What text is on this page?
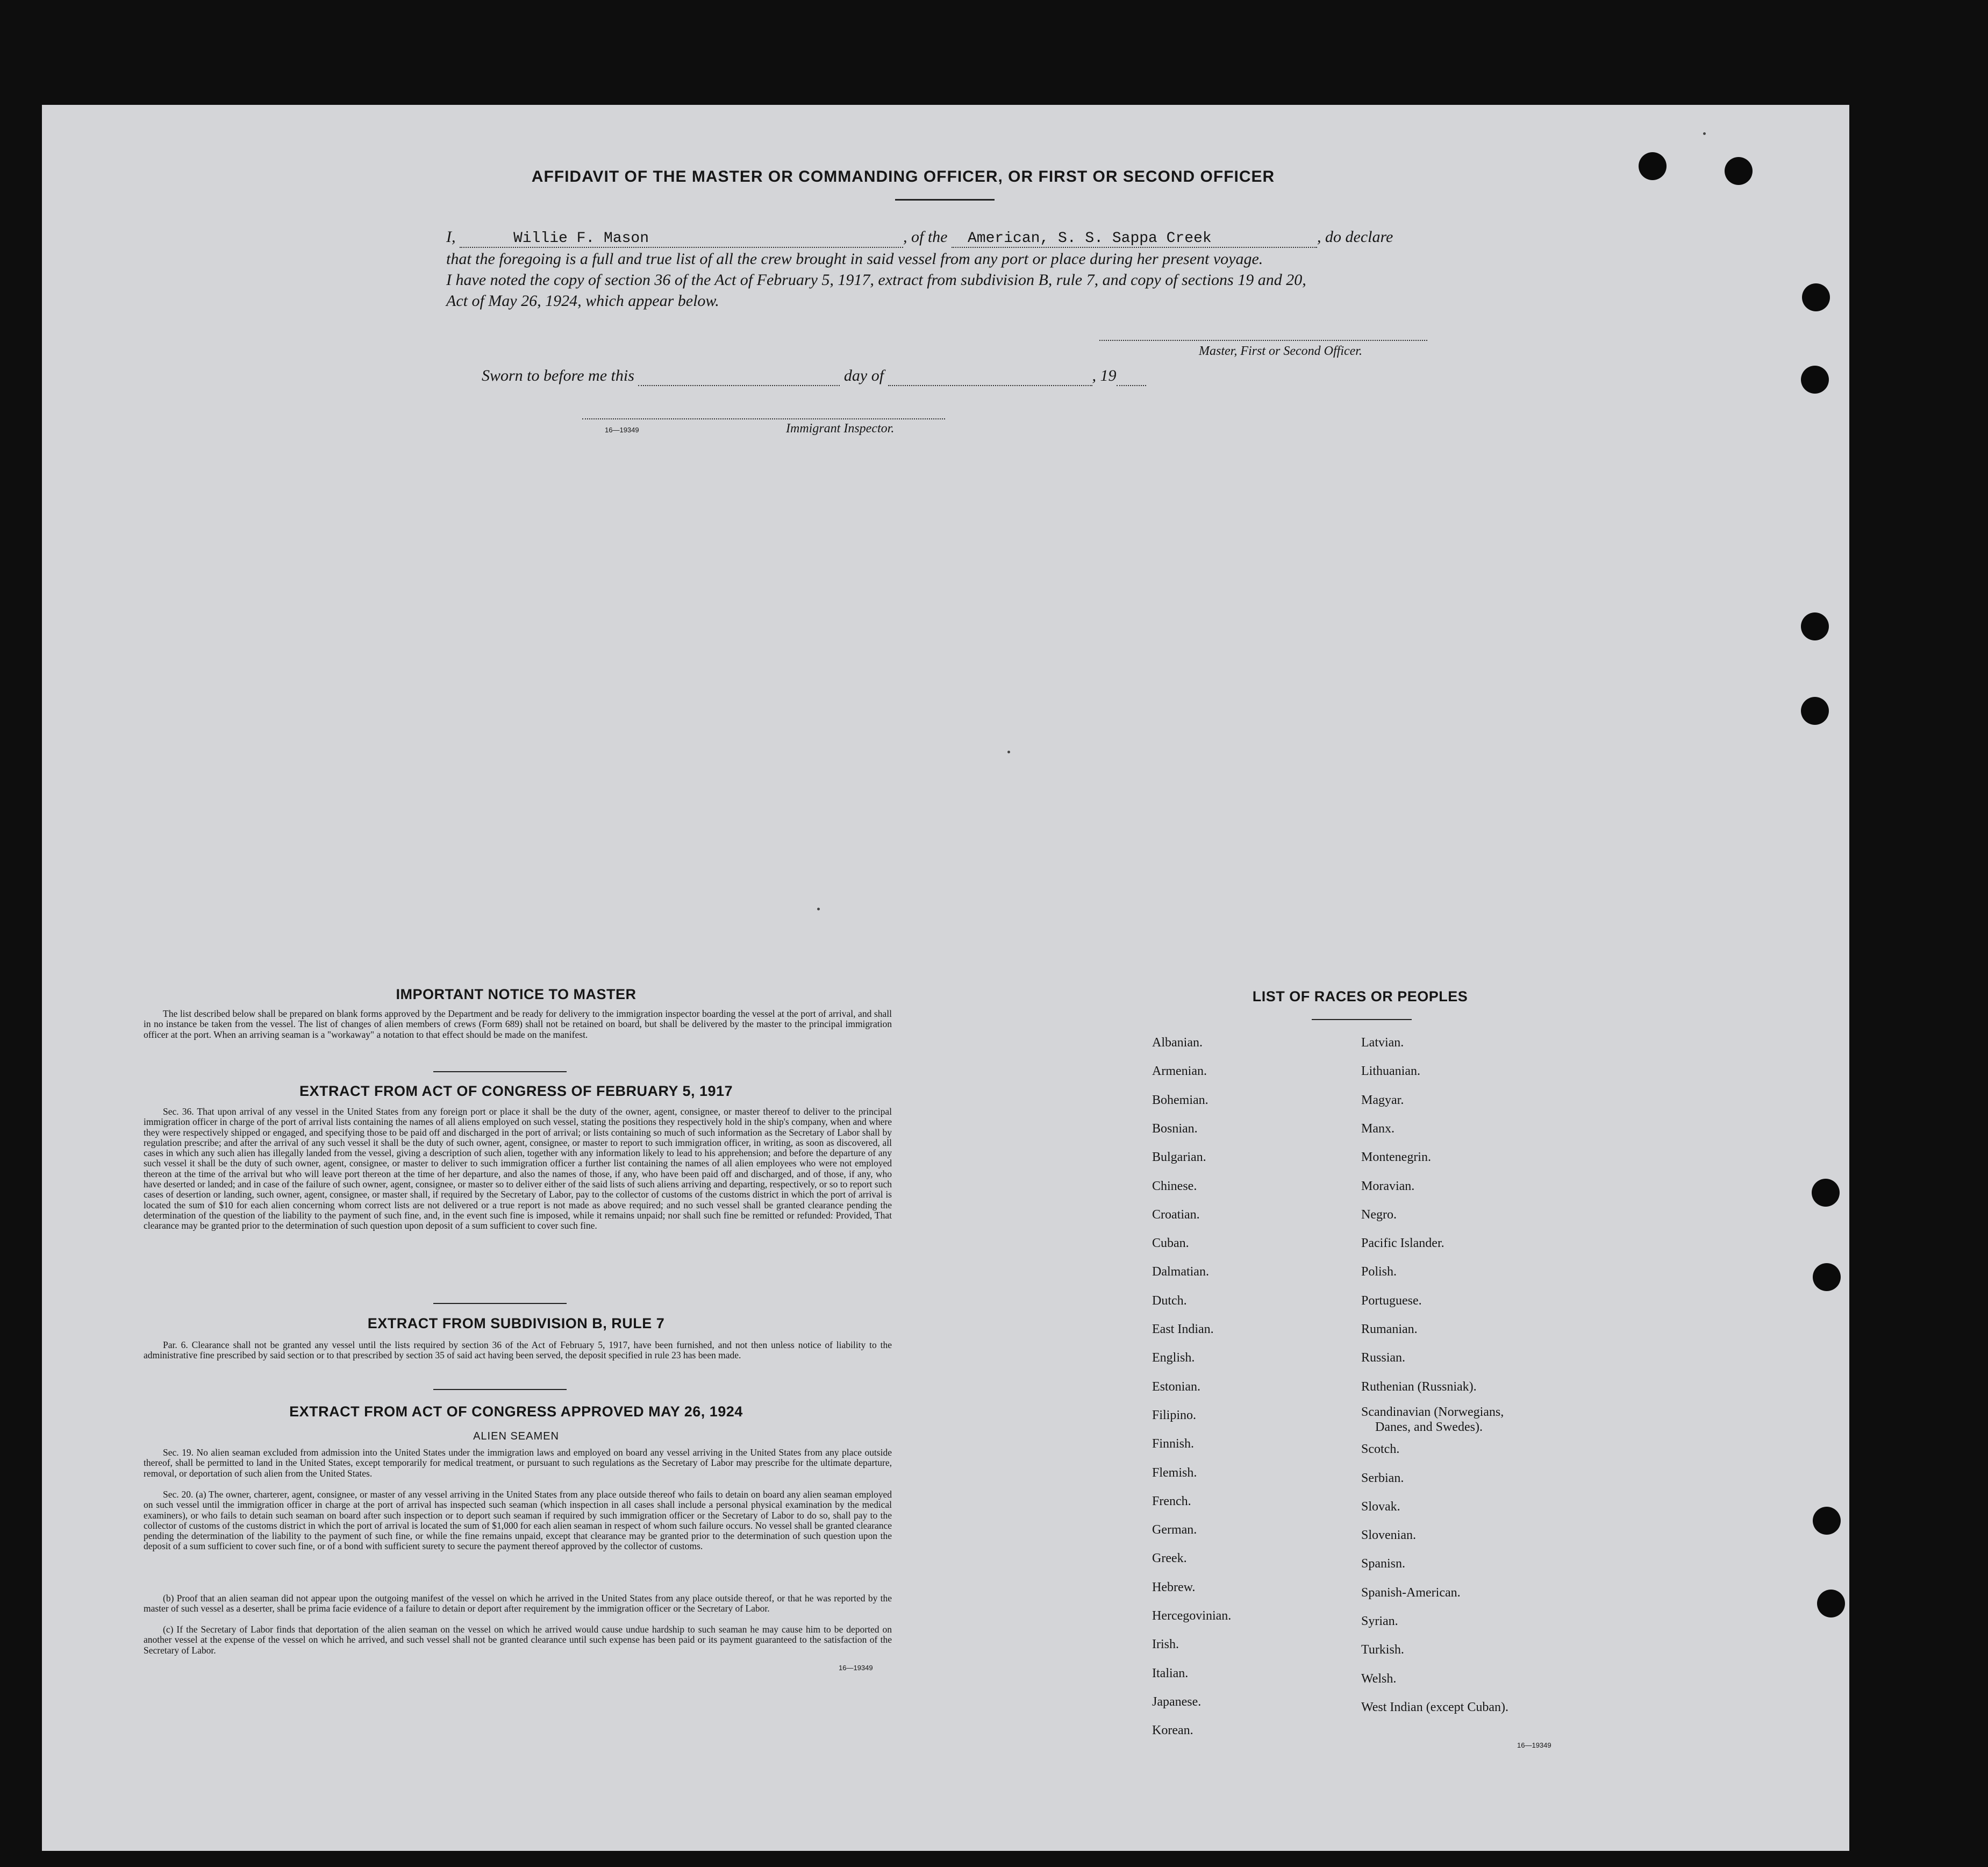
AFFIDAVIT OF THE MASTER OR COMMANDING OFFICER, OR FIRST OR SECOND OFFICER
I,	Willie F. Mason	, of the American, S. S. Sappa Creek	, do declare
that the foregoing is a full and true list of all the crew brought in said vessel from any port or place during her present voyage.
I have noted the copy of section 36 of the Act of February 5, 1917, extract from subdivision B, rule 7, and copy of sections 19 and 20,
Act of May 26, 1924, which appear below.
Master, First or Second Officer.
Sworn to before me this	day of	, 19
16—19349	Immigrant Inspector.
IMPORTANT NOTICE TO MASTER
The list described below shall be prepared on blank forms approved by the Department and be ready for delivery to the immigration inspector boarding the vessel at the port of arrival, and shall in no instance be taken from the vessel. The list of changes of alien members of crews (Form 689) shall not be retained on board, but shall be delivered by the master to the principal immigration officer at the port. When an arriving seaman is a "workaway" a notation to that effect should be made on the manifest.
EXTRACT FROM ACT OF CONGRESS OF FEBRUARY 5, 1917
Sec. 36. That upon arrival of any vessel in the United States from any foreign port or place it shall be the duty of the owner, agent, consignee, or master thereof to deliver to the principal immigration officer in charge of the port of arrival lists containing the names of all aliens employed on such vessel, stating the positions they respectively hold in the ship's company, when and where they were respectively shipped or engaged, and specifying those to be paid off and discharged in the port of arrival; or lists containing so much of such information as the Secretary of Labor shall by regulation prescribe; and after the arrival of any such vessel it shall be the duty of such owner, agent, consignee, or master to report to such immigration officer, in writing, as soon as discovered, all cases in which any such alien has illegally landed from the vessel, giving a description of such alien, together with any information likely to lead to his apprehension; and before the departure of any such vessel it shall be the duty of such owner, agent, consignee, or master to deliver to such immigration officer a further list containing the names of all alien employees who were not employed thereon at the time of the arrival but who will leave port thereon at the time of her departure, and also the names of those, if any, who have been paid off and discharged, and of those, if any, who have deserted or landed; and in case of the failure of such owner, agent, consignee, or master so to deliver either of the said lists of such aliens arriving and departing, respectively, or so to report such cases of desertion or landing, such owner, agent, consignee, or master shall, if required by the Secretary of Labor, pay to the collector of customs of the customs district in which the port of arrival is located the sum of $10 for each alien concerning whom correct lists are not delivered or a true report is not made as above required; and no such vessel shall be granted clearance pending the determination of the question of the liability to the payment of such fine, and, in the event such fine is imposed, while it remains unpaid; nor shall such fine be remitted or refunded: Provided, That clearance may be granted prior to the determination of such question upon deposit of a sum sufficient to cover such fine.
EXTRACT FROM SUBDIVISION B, RULE 7
Par. 6. Clearance shall not be granted any vessel until the lists required by section 36 of the Act of February 5, 1917, have been furnished, and not then unless notice of liability to the administrative fine prescribed by said section or to that prescribed by section 35 of said act having been served, the deposit specified in rule 23 has been made.
EXTRACT FROM ACT OF CONGRESS APPROVED MAY 26, 1924
ALIEN SEAMEN
Sec. 19. No alien seaman excluded from admission into the United States under the immigration laws and employed on board any vessel arriving in the United States from any place outside thereof, shall be permitted to land in the United States, except temporarily for medical treatment, or pursuant to such regulations as the Secretary of Labor may prescribe for the ultimate departure, removal, or deportation of such alien from the United States.
Sec. 20. (a) The owner, charterer, agent, consignee, or master of any vessel arriving in the United States from any place outside thereof who fails to detain on board any alien seaman employed on such vessel until the immigration officer in charge at the port of arrival has inspected such seaman (which inspection in all cases shall include a personal physical examination by the medical examiners), or who fails to detain such seaman on board after such inspection or to deport such seaman if required by such immigration officer or the Secretary of Labor to do so, shall pay to the collector of customs of the customs district in which the port of arrival is located the sum of $1,000 for each alien seaman in respect of whom such failure occurs. No vessel shall be granted clearance pending the determination of the liability to the payment of such fine, or while the fine remains unpaid, except that clearance may be granted prior to the determination of such question upon the deposit of a sum sufficient to cover such fine, or of a bond with sufficient surety to secure the payment thereof approved by the collector of customs.
(b) Proof that an alien seaman did not appear upon the outgoing manifest of the vessel on which he arrived in the United States from any place outside thereof, or that he was reported by the master of such vessel as a deserter, shall be prima facie evidence of a failure to detain or deport after requirement by the immigration officer or the Secretary of Labor.
(c) If the Secretary of Labor finds that deportation of the alien seaman on the vessel on which he arrived would cause undue hardship to such seaman he may cause him to be deported on another vessel at the expense of the vessel on which he arrived, and such vessel shall not be granted clearance until such expense has been paid or its payment guaranteed to the satisfaction of the Secretary of Labor.
16—19349
LIST OF RACES OR PEOPLES
Albanian.
Armenian.
Bohemian.
Bosnian.
Bulgarian.
Chinese.
Croatian.
Cuban.
Dalmatian.
Dutch.
East Indian.
English.
Estonian.
Filipino.
Finnish.
Flemish.
French.
German.
Greek.
Hebrew.
Hercegovinian.
Irish.
Italian.
Japanese.
Korean.
Latvian.
Lithuanian.
Magyar.
Manx.
Montenegrin.
Moravian.
Negro.
Pacific Islander.
Polish.
Portuguese.
Rumanian.
Russian.
Ruthenian (Russniak).
Scandinavian (Norwegians,
Danes, and Swedes).
Scotch.
Serbian.
Slovak.
Slovenian.
Spanisn.
Spanish-American.
Syrian.
Turkish.
Welsh.
West Indian (except Cuban).
16—19349
